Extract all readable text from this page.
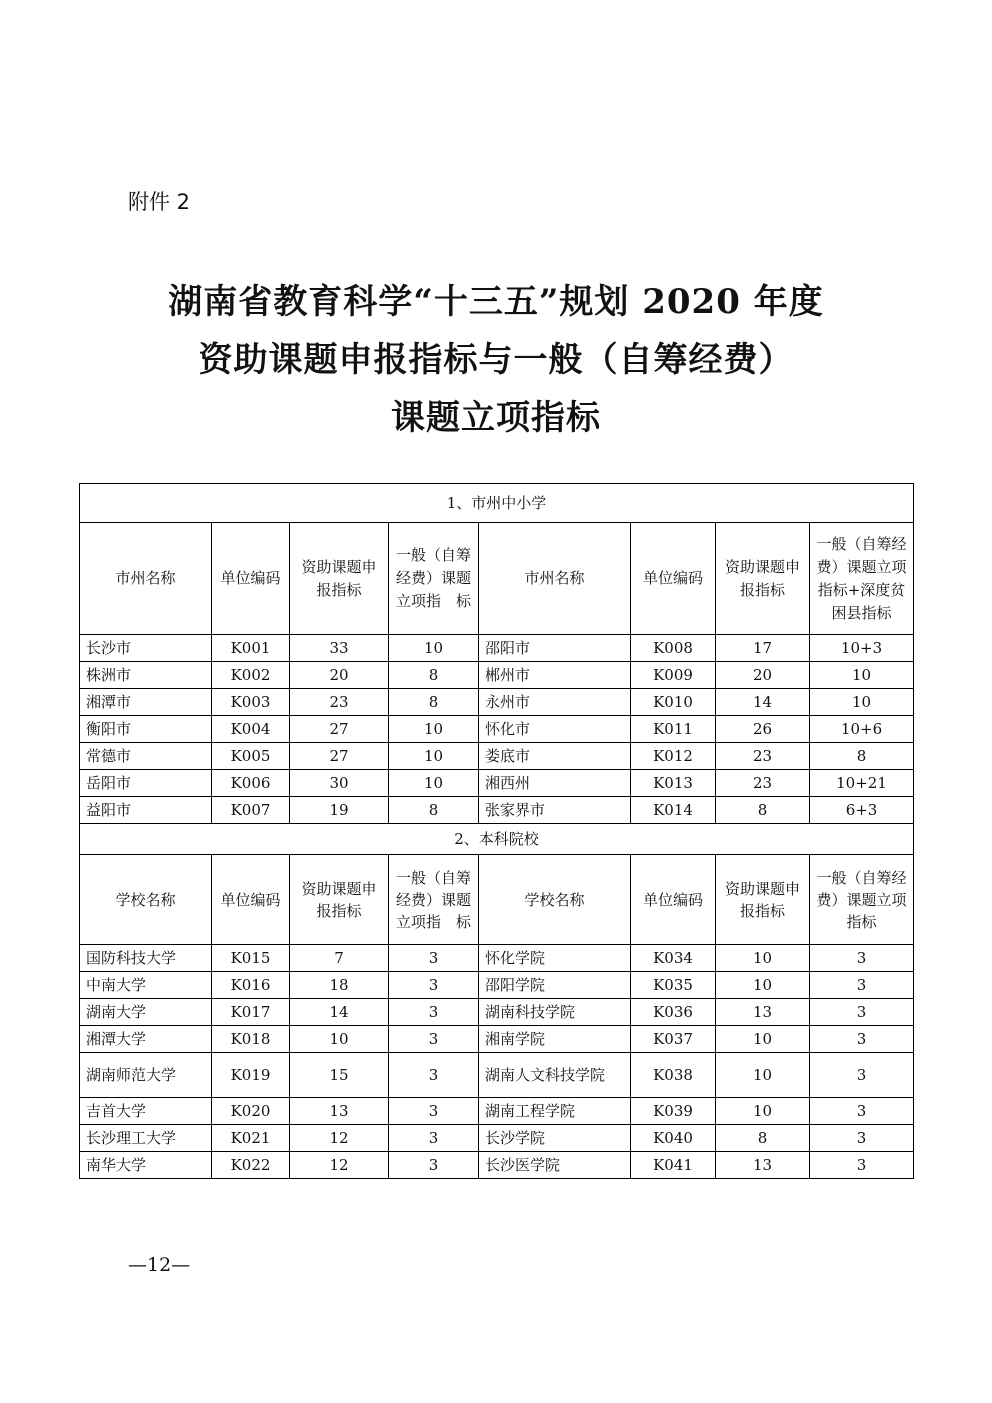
附件 2
湖南省教育科学“十三五”规划 2020 年度
资助课题申报指标与一般（自筹经费）
课题立项指标
1、市州中小学							
市州名称	单位编码	资助课题申报指标	一般（自筹经费）课题立项指　标	市州名称	单位编码	资助课题申报指标	一般（自筹经费）课题立项指标+深度贫困县指标
长沙市	K001	33	10	邵阳市	K008	17	10+3
株洲市	K002	20	8	郴州市	K009	20	10
湘潭市	K003	23	8	永州市	K010	14	10
衡阳市	K004	27	10	怀化市	K011	26	10+6
常德市	K005	27	10	娄底市	K012	23	8
岳阳市	K006	30	10	湘西州	K013	23	10+21
益阳市	K007	19	8	张家界市	K014	8	6+3
2、本科院校							
学校名称	单位编码	资助课题申报指标	一般（自筹经费）课题立项指　标	学校名称	单位编码	资助课题申报指标	一般（自筹经费）课题立项指标
国防科技大学	K015	7	3	怀化学院	K034	10	3
中南大学	K016	18	3	邵阳学院	K035	10	3
湖南大学	K017	14	3	湖南科技学院	K036	13	3
湘潭大学	K018	10	3	湘南学院	K037	10	3
湖南师范大学	K019	15	3	湖南人文科技学院	K038	10	3
吉首大学	K020	13	3	湖南工程学院	K039	10	3
长沙理工大学	K021	12	3	长沙学院	K040	8	3
南华大学	K022	12	3	长沙医学院	K041	13	3
—12—
